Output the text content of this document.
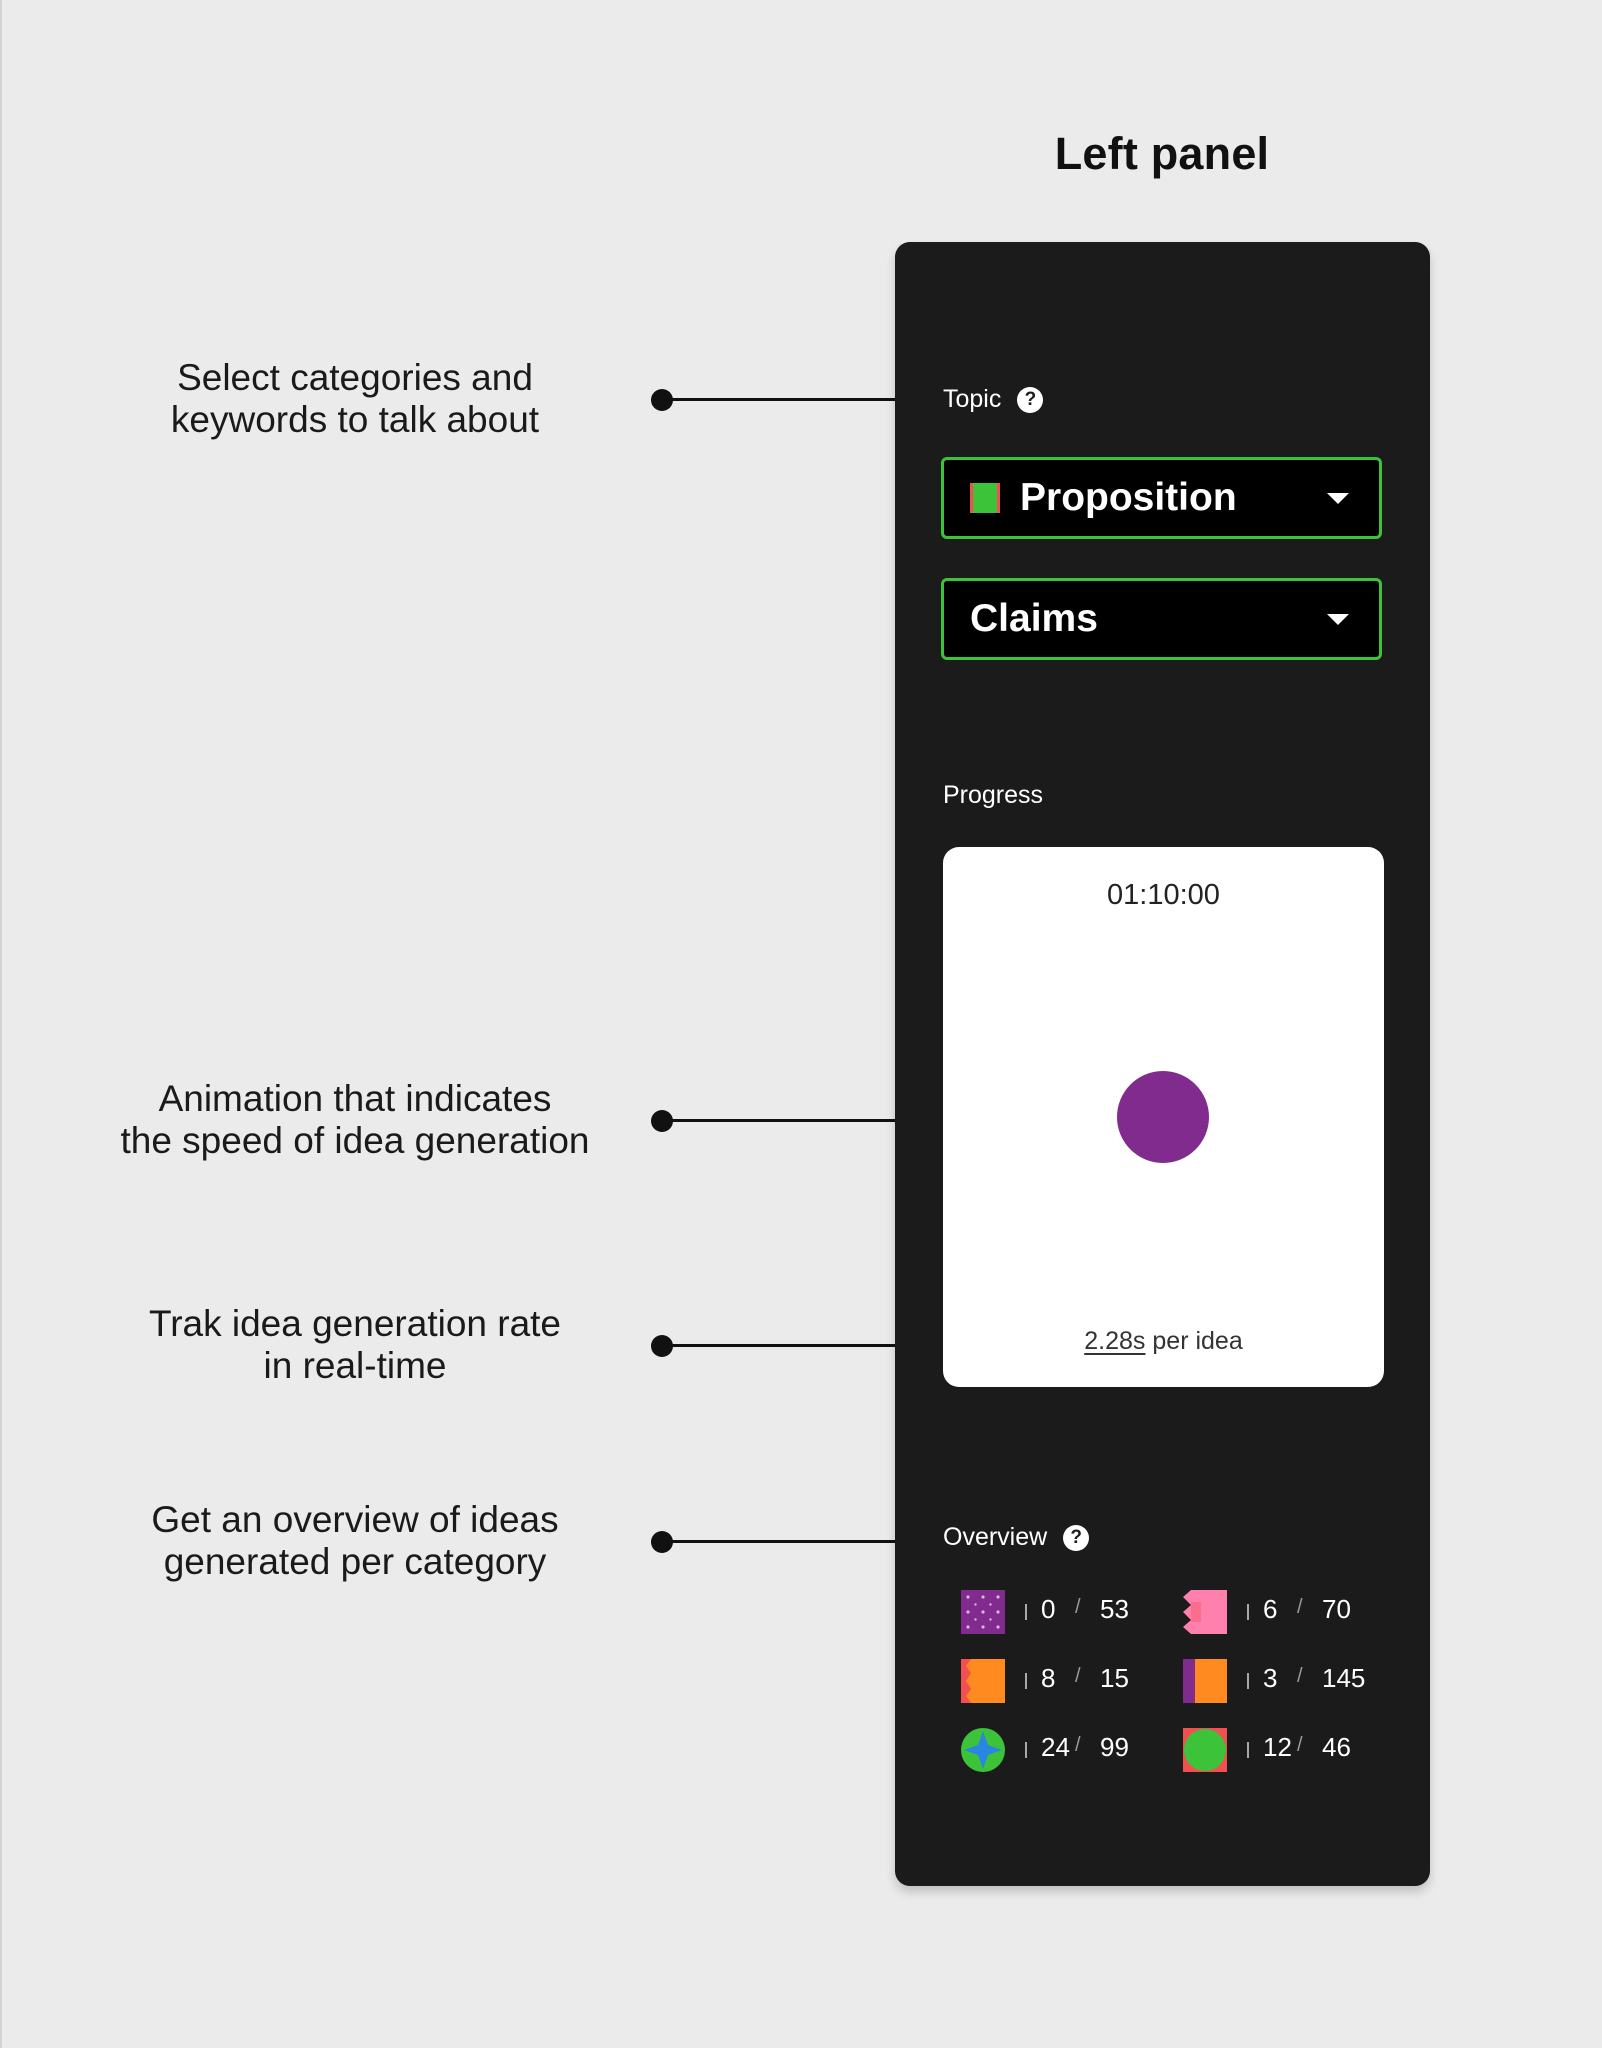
Left panel
Select categories and
keywords to talk about
Animation that indicates
the speed of idea generation
Trak idea generation rate
in real-time
Get an overview of ideas
generated per category
Topic	?
Proposition
Claims
Progress
01:10:00
2.28s per idea
Overview	?
0 / 53	6 / 70
8 / 15	3 / 145
24 / 99	12 / 46
